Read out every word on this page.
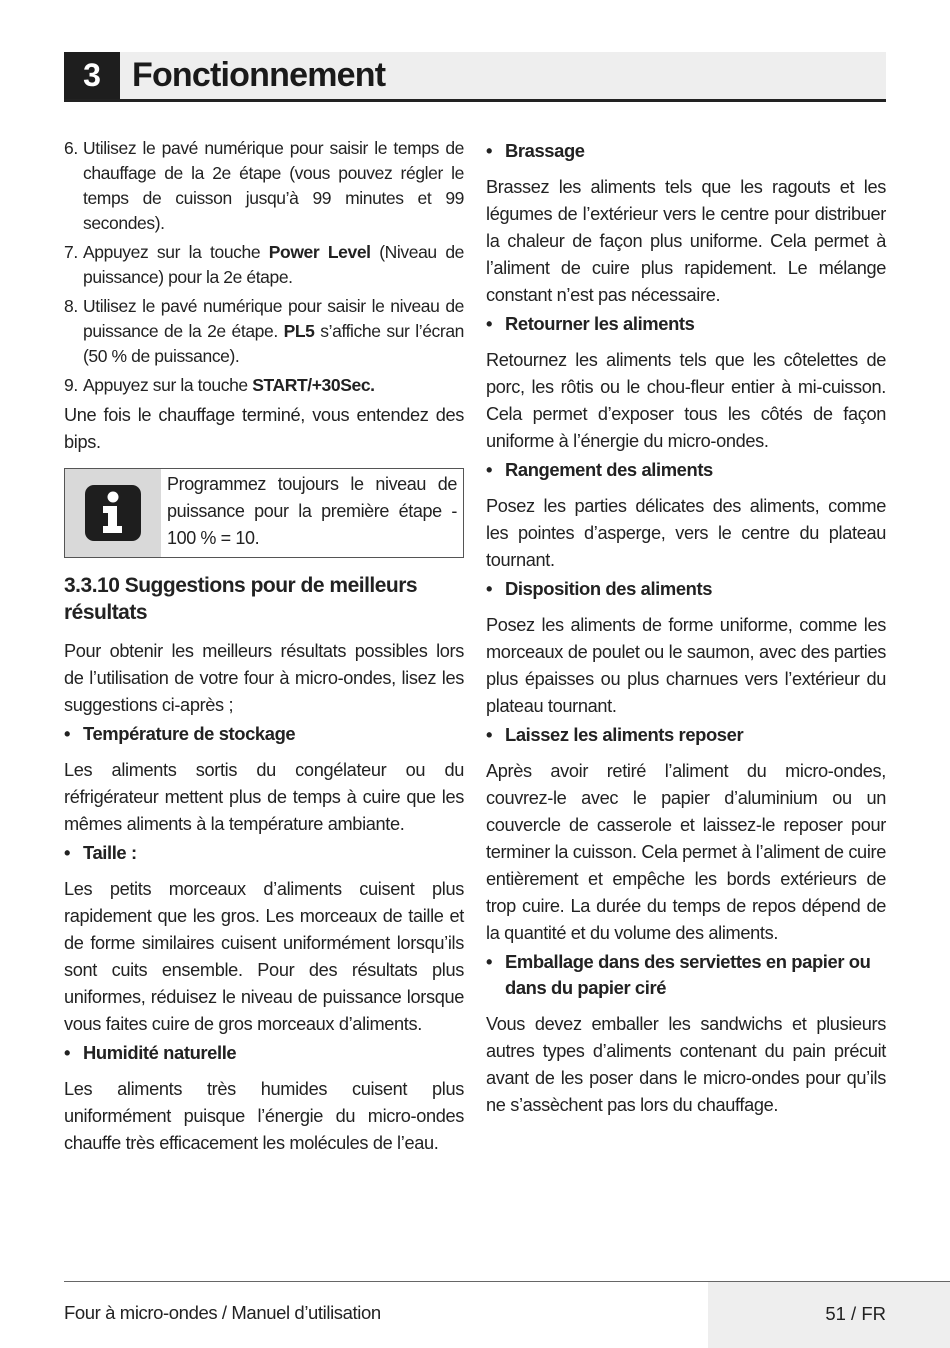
3 Fonctionnement
6. Utilisez le pavé numérique pour saisir le temps de chauffage de la 2e étape (vous pouvez régler le temps de cuisson jusqu’à 99 minutes et 99 secondes).
7. Appuyez sur la touche Power Level (Niveau de puissance) pour la 2e étape.
8. Utilisez le pavé numérique pour saisir le niveau de puissance de la 2e étape. PL5 s’affiche sur l’écran (50 % de puissance).
9. Appuyez sur la touche START/+30Sec.

Une fois le chauffage terminé, vous entendez des bips.

Programmez toujours le niveau de puissance pour la première étape - 100 % = 10.
3.3.10 Suggestions pour de meilleurs résultats

Pour obtenir les meilleurs résultats possibles lors de l’utilisation de votre four à micro-ondes, lisez les suggestions ci-après ;

• Température de stockage

Les aliments sortis du congélateur ou du réfrigérateur mettent plus de temps à cuire que les mêmes aliments à la température ambiante.

• Taille :

Les petits morceaux d’aliments cuisent plus rapidement que les gros. Les morceaux de taille et de forme similaires cuisent uniformément lorsqu’ils sont cuits ensemble. Pour des résultats plus uniformes, réduisez le niveau de puissance lorsque vous faites cuire de gros morceaux d’aliments.

• Humidité naturelle

Les aliments très humides cuisent plus uniformément puisque l’énergie du micro-ondes chauffe très efficacement les molécules de l’eau.

• Brassage

Brassez les aliments tels que les ragouts et les légumes de l’extérieur vers le centre pour distribuer la chaleur de façon plus uniforme. Cela permet à l’aliment de cuire plus rapidement. Le mélange constant n’est pas nécessaire.

• Retourner les aliments

Retournez les aliments tels que les côtelettes de porc, les rôtis ou le chou-fleur entier à mi-cuisson. Cela permet d’exposer tous les côtés de façon uniforme à l’énergie du micro-ondes.

• Rangement des aliments

Posez les parties délicates des aliments, comme les pointes d’asperge, vers le centre du plateau tournant.

• Disposition des aliments

Posez les aliments de forme uniforme, comme les morceaux de poulet ou le saumon, avec des parties plus épaisses ou plus charnues vers l’extérieur du plateau tournant.

• Laissez les aliments reposer

Après avoir retiré l’aliment du micro-ondes, couvrez-le avec le papier d’aluminium ou un couvercle de casserole et laissez-le reposer pour terminer la cuisson. Cela permet à l’aliment de cuire entièrement et empêche les bords extérieurs de trop cuire. La durée du temps de repos dépend de la quantité et du volume des aliments.

• Emballage dans des serviettes en papier ou dans du papier ciré

Vous devez emballer les sandwichs et plusieurs autres types d’aliments contenant du pain précuit avant de les poser dans le micro-ondes pour qu’ils ne s’assèchent pas lors du chauffage.

Four à micro-ondes / Manuel d’utilisation	51 / FR
